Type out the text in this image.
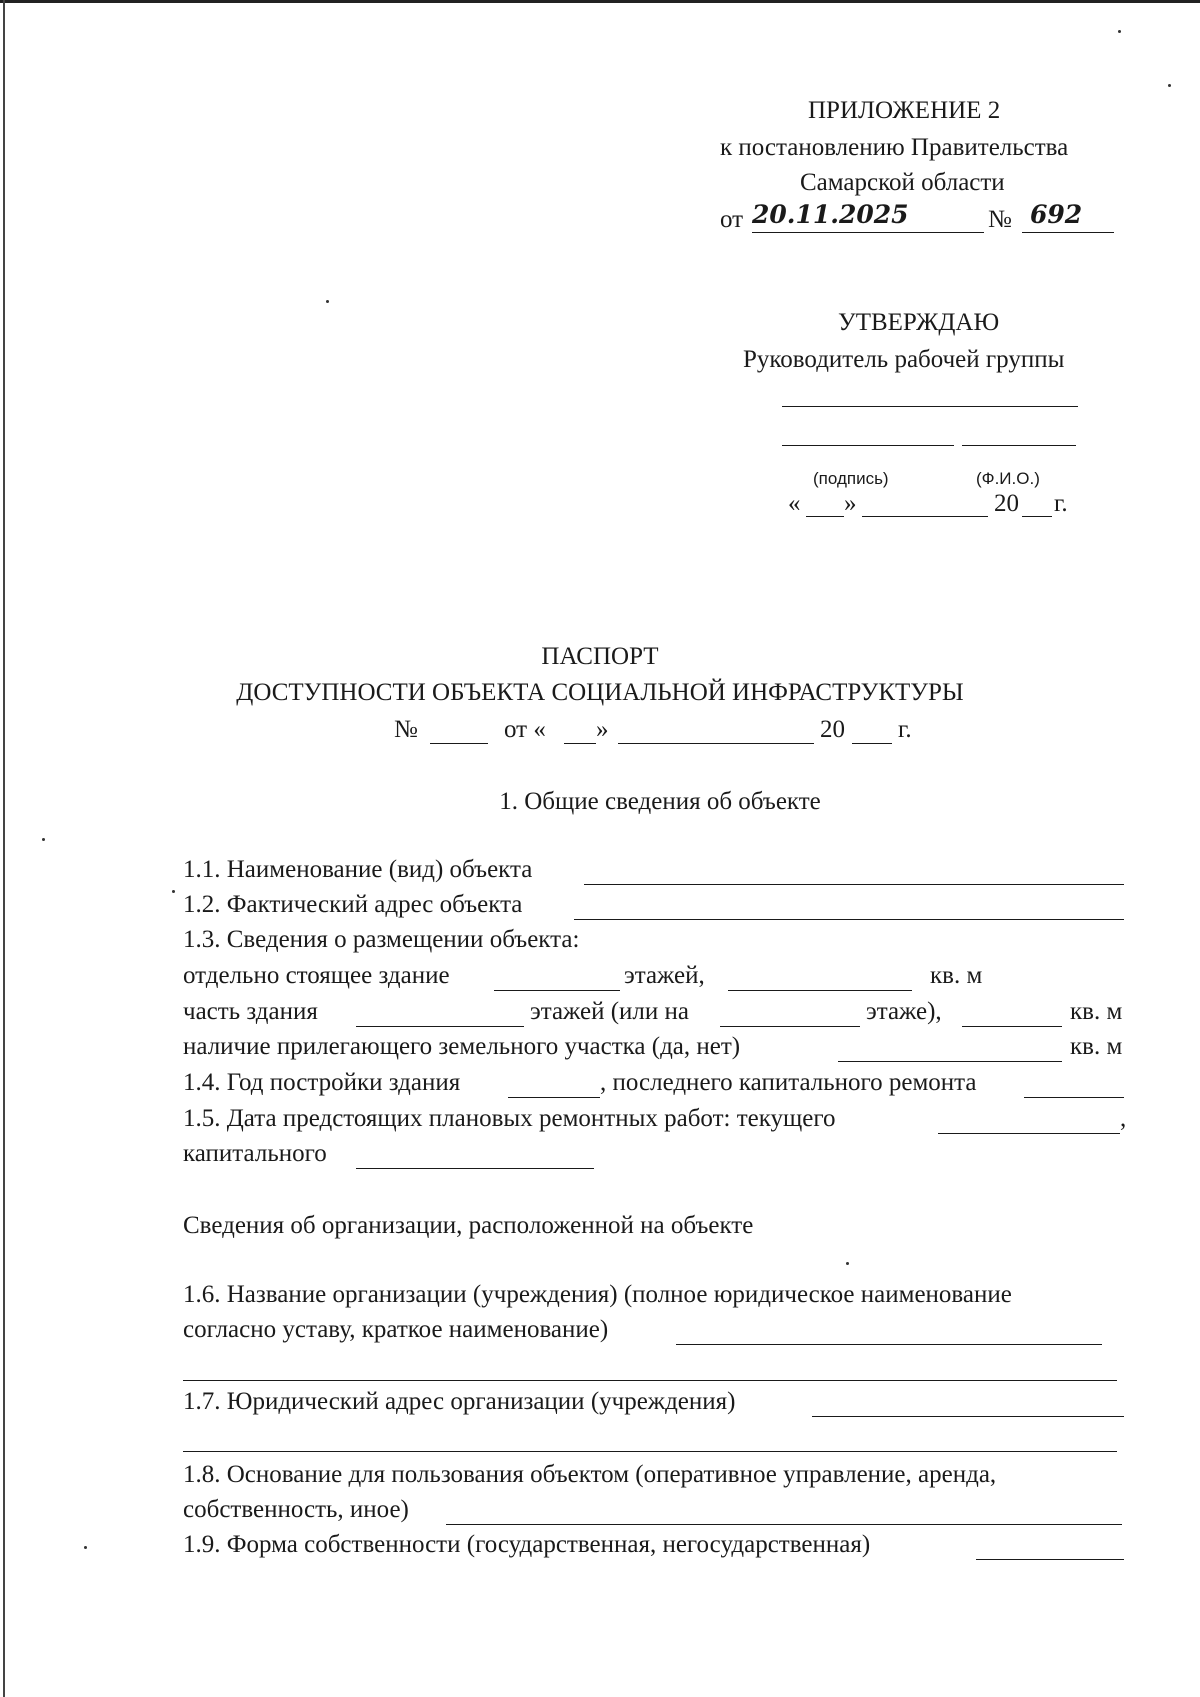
ПРИЛОЖЕНИЕ 2
к постановлению Правительства
Самарской области
от 20.11.2025	№ 692
УТВЕРЖДАЮ
Руководитель рабочей группы
(подпись)	(Ф.И.О.)
« »	20 г.
ПАСПОРТ
ДОСТУПНОСТИ ОБЪЕКТА СОЦИАЛЬНОЙ ИНФРАСТРУКТУРЫ
№	от « »	20 г.
1. Общие сведения об объекте
1.1. Наименование (вид) объекта
1.2. Фактический адрес объекта
1.3. Сведения о размещении объекта:
отдельно стоящее здание	этажей,	кв. м
часть здания	этажей (или на	этаже),	кв. м
наличие прилегающего земельного участка (да, нет)	кв. м
1.4. Год постройки здания	, последнего капитального ремонта
1.5. Дата предстоящих плановых ремонтных работ: текущего	,
капитального
Сведения об организации, расположенной на объекте
1.6. Название организации (учреждения) (полное юридическое наименование
согласно уставу, краткое наименование)
1.7. Юридический адрес организации (учреждения)
1.8. Основание для пользования объектом (оперативное управление, аренда,
собственность, иное)
1.9. Форма собственности (государственная, негосударственная)
